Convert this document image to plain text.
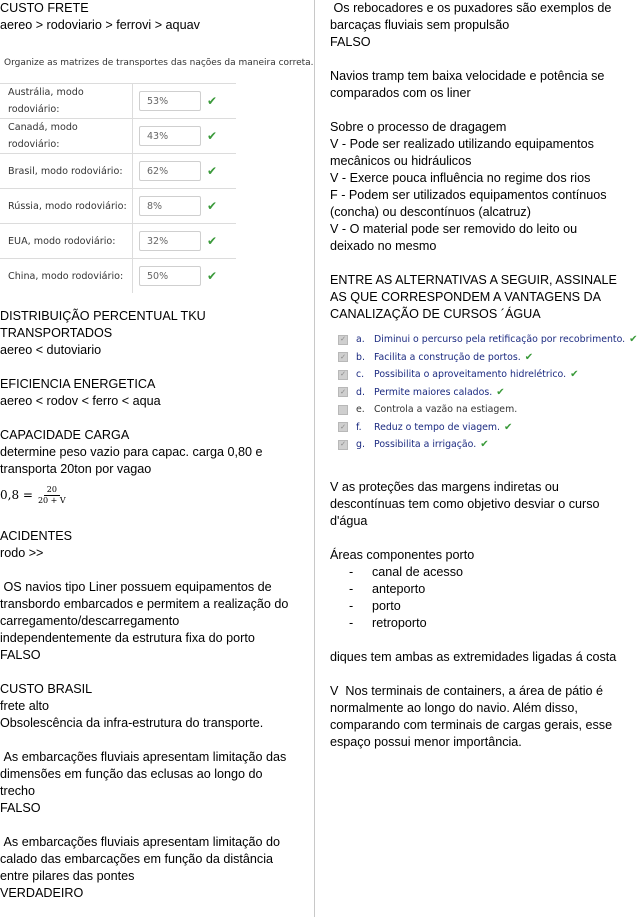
CUSTO FRETE

aereo > rodoviario > ferrovi > aquav

Organize as matrizes de transportes das nações da maneira correta.
Austrália, modo rodoviário:	53% ✔
Canadá, modo rodoviário:	43% ✔
Brasil, modo rodoviário:	62% ✔
Rússia, modo rodoviário:	8% ✔
EUA, modo rodoviário:	32% ✔
China, modo rodoviário:	50% ✔

DISTRIBUIÇÃO PERCENTUAL TKU
TRANSPORTADOS
aereo < dutoviario

EFICIENCIA ENERGETICA
aereo < rodov < ferro < aqua

CAPACIDADE CARGA
determine peso vazio para capac. carga 0,80 e
transporta 20ton por vagao

$0,8 = \frac{20}{20 + V}$

ACIDENTES
rodo >>

OS navios tipo Liner possuem equipamentos de
transbordo embarcados e permitem a realização do
carregamento/descarregamento
independentemente da estrutura fixa do porto
FALSO

CUSTO BRASIL
frete alto
Obsolescência da infra-estrutura do transporte.

As embarcações fluviais apresentam limitação das
dimensões em função das eclusas ao longo do
trecho
FALSO

As embarcações fluviais apresentam limitação do
calado das embarcações em função da distância
entre pilares das pontes
VERDADEIRO

Os rebocadores e os puxadores são exemplos de
barcaças fluviais sem propulsão
FALSO

Navios tramp tem baixa velocidade e potência se
comparados com os liner

Sobre o processo de dragagem
V - Pode ser realizado utilizando equipamentos
mecânicos ou hidráulicos
V - Exerce pouca influência no regime dos rios
F - Podem ser utilizados equipamentos contínuos
(concha) ou descontínuos (alcatruz)
V - O material pode ser removido do leito ou
deixado no mesmo

ENTRE AS ALTERNATIVAS A SEGUIR, ASSINALE
AS QUE CORRESPONDEM A VANTAGENS DA
CANALIZAÇÃO DE CURSOS ´ÁGUA

✓ a. Diminui o percurso pela retificação por recobrimento. ✔
✓ b. Facilita a construção de portos. ✔
✓ c.	Possibilita o aproveitamento hidrelétrico. ✔
✓ d. Permite maiores calados. ✔
e. Controla a vazão na estiagem.
✓ f.	Reduz o tempo de viagem. ✔
✓ g. Possibilita a irrigação. ✔

V as proteções das margens indiretas ou
descontínuas tem como objetivo desviar o curso
d'água

Áreas componentes porto

- canal de acesso
- anteporto
- porto
- retroporto

diques tem ambas as extremidades ligadas á costa

V  Nos terminais de containers, a área de pátio é
normalmente ao longo do navio. Além disso,
comparando com terminais de cargas gerais, esse
espaço possui menor importância.
